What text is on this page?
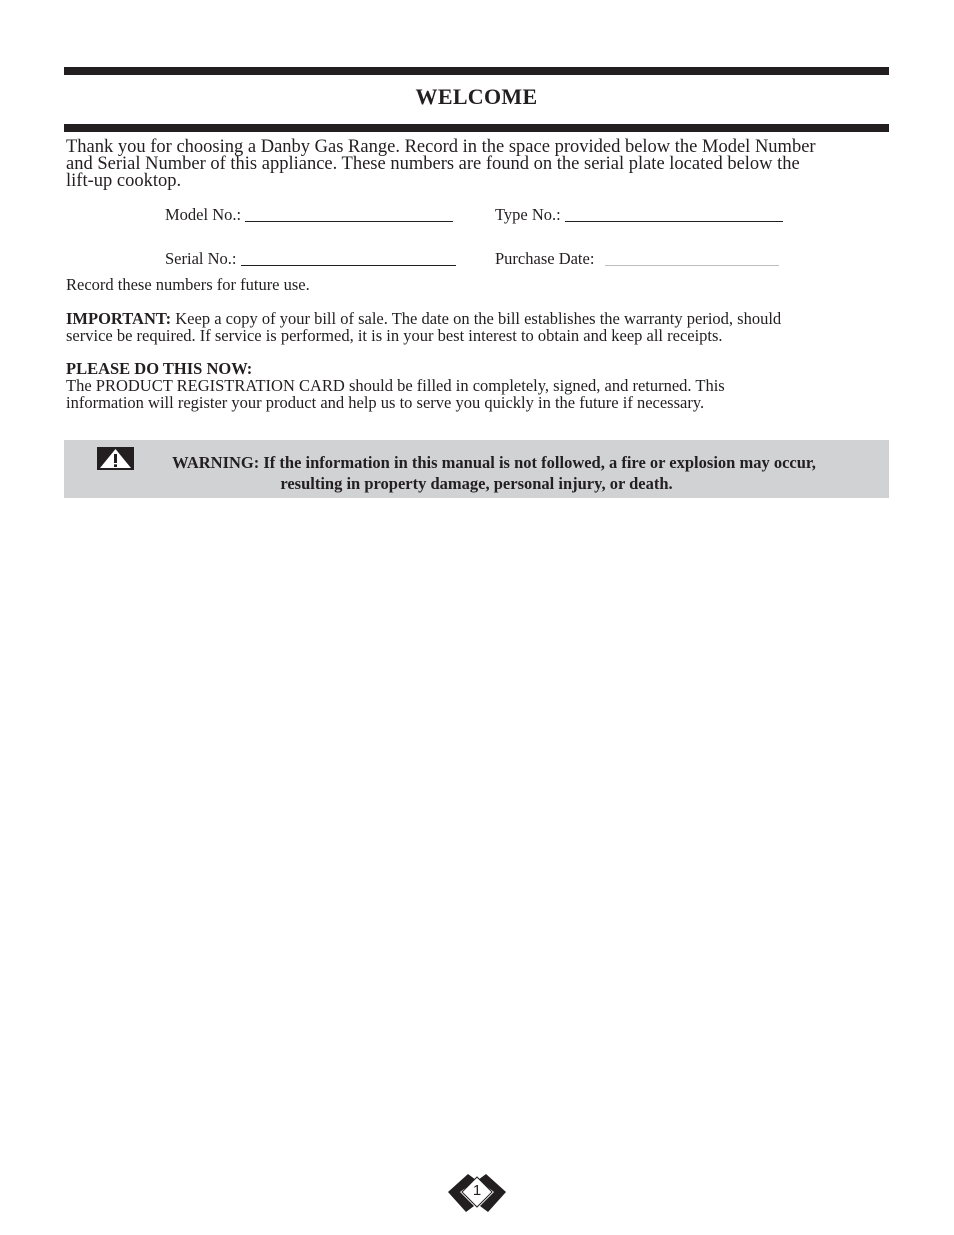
WELCOME
Thank you for choosing a Danby Gas Range. Record in the space provided below the Model Number
and Serial Number of this appliance. These numbers are found on the serial plate located below the
lift-up cooktop.
Model No.:	Type No.:
Serial No.:	Purchase Date:
Record these numbers for future use.
IMPORTANT: Keep a copy of your bill of sale. The date on the bill establishes the warranty period, should
service be required. If service is performed, it is in your best interest to obtain and keep all receipts.
PLEASE DO THIS NOW:
The PRODUCT REGISTRATION CARD should be filled in completely, signed, and returned. This
information will register your product and help us to serve you quickly in the future if necessary.
WARNING: If the information in this manual is not followed, a fire or explosion may occur,
resulting in property damage, personal injury, or death.
1
